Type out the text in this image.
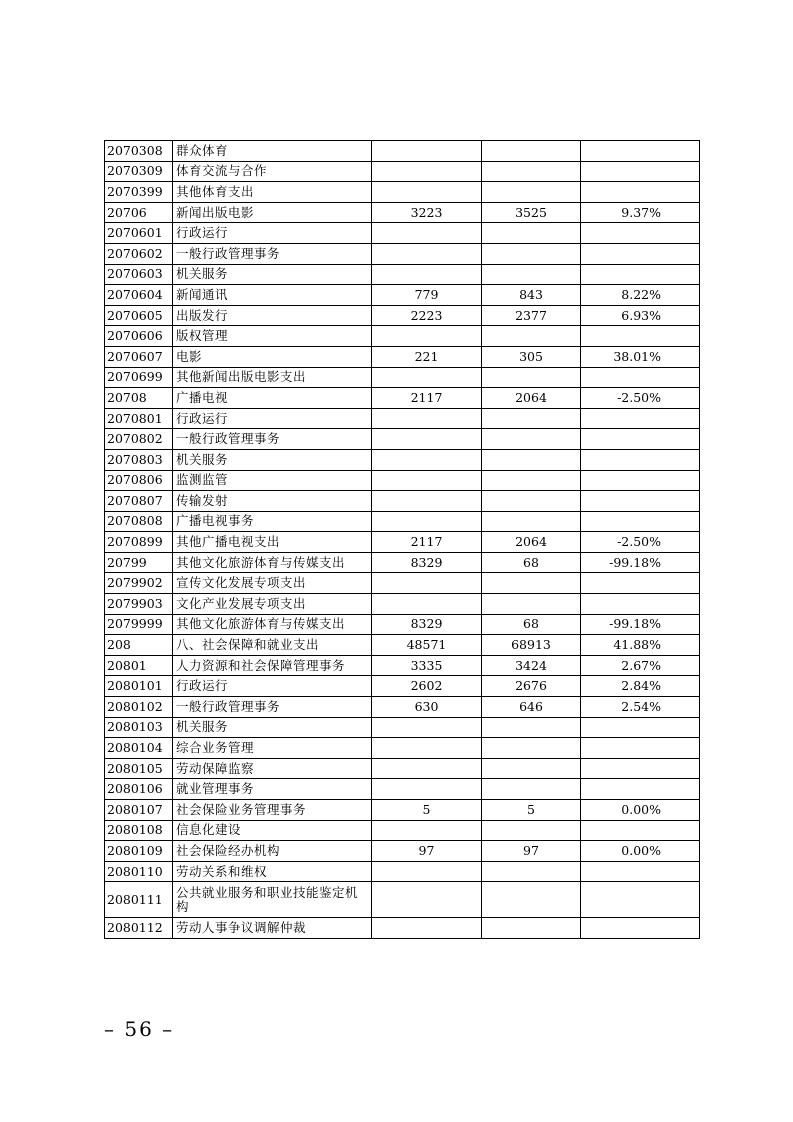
2070308	群众体育			
2070309	体育交流与合作			
2070399	其他体育支出			
20706	新闻出版电影	3223	3525	9.37%
2070601	行政运行			
2070602	一般行政管理事务			
2070603	机关服务			
2070604	新闻通讯	779	843	8.22%
2070605	出版发行	2223	2377	6.93%
2070606	版权管理			
2070607	电影	221	305	38.01%
2070699	其他新闻出版电影支出			
20708	广播电视	2117	2064	-2.50%
2070801	行政运行			
2070802	一般行政管理事务			
2070803	机关服务			
2070806	监测监管			
2070807	传输发射			
2070808	广播电视事务			
2070899	其他广播电视支出	2117	2064	-2.50%
20799	其他文化旅游体育与传媒支出	8329	68	-99.18%
2079902	宣传文化发展专项支出			
2079903	文化产业发展专项支出			
2079999	其他文化旅游体育与传媒支出	8329	68	-99.18%
208	八、社会保障和就业支出	48571	68913	41.88%
20801	人力资源和社会保障管理事务	3335	3424	2.67%
2080101	行政运行	2602	2676	2.84%
2080102	一般行政管理事务	630	646	2.54%
2080103	机关服务			
2080104	综合业务管理			
2080105	劳动保障监察			
2080106	就业管理事务			
2080107	社会保险业务管理事务	5	5	0.00%
2080108	信息化建设			
2080109	社会保险经办机构	97	97	0.00%
2080110	劳动关系和维权			
2080111	公共就业服务和职业技能鉴定机构			
2080112	劳动人事争议调解仲裁			
– 56 –
